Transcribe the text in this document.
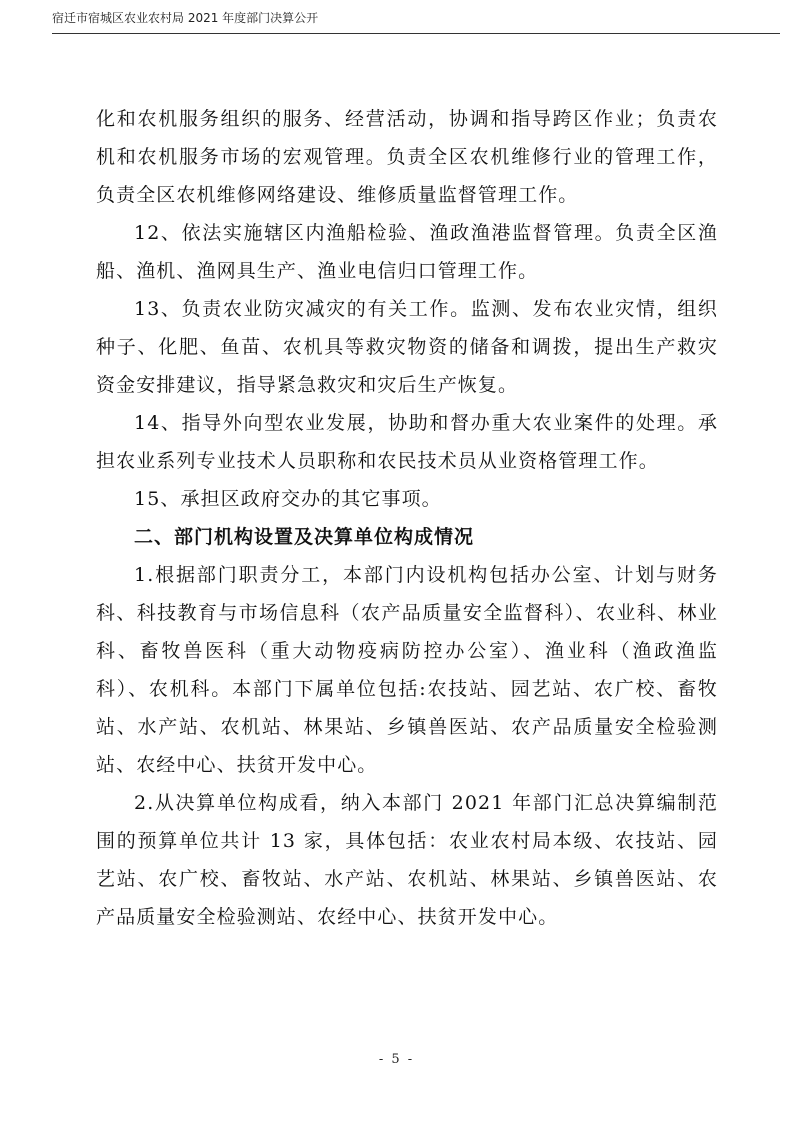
宿迁市宿城区农业农村局 2021 年度部门决算公开

化和农机服务组织的服务、经营活动，协调和指导跨区作业；负责农机和农机服务市场的宏观管理。负责全区农机维修行业的管理工作，负责全区农机维修网络建设、维修质量监督管理工作。

12、依法实施辖区内渔船检验、渔政渔港监督管理。负责全区渔船、渔机、渔网具生产、渔业电信归口管理工作。

13、负责农业防灾减灾的有关工作。监测、发布农业灾情，组织种子、化肥、鱼苗、农机具等救灾物资的储备和调拨，提出生产救灾资金安排建议，指导紧急救灾和灾后生产恢复。

14、指导外向型农业发展，协助和督办重大农业案件的处理。承担农业系列专业技术人员职称和农民技术员从业资格管理工作。

15、承担区政府交办的其它事项。

二、部门机构设置及决算单位构成情况

1.根据部门职责分工，本部门内设机构包括办公室、计划与财务科、科技教育与市场信息科（农产品质量安全监督科）、农业科、林业科、畜牧兽医科（重大动物疫病防控办公室）、渔业科（渔政渔监科）、农机科。本部门下属单位包括:农技站、园艺站、农广校、畜牧站、水产站、农机站、林果站、乡镇兽医站、农产品质量安全检验测站、农经中心、扶贫开发中心。

2.从决算单位构成看，纳入本部门 2021 年部门汇总决算编制范围的预算单位共计 13 家，具体包括：农业农村局本级、农技站、园艺站、农广校、畜牧站、水产站、农机站、林果站、乡镇兽医站、农产品质量安全检验测站、农经中心、扶贫开发中心。

- 5 -
